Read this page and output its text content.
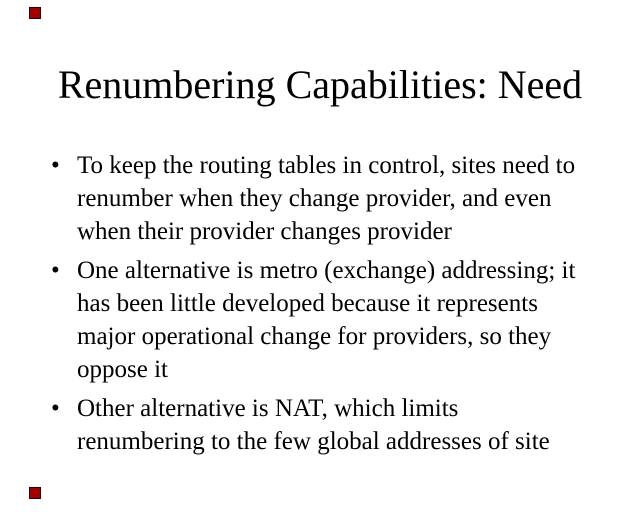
Renumbering Capabilities: Need
• To keep the routing tables in control, sites need to renumber when they change provider, and even when their provider changes provider
• One alternative is metro (exchange) addressing; it has been little developed because it represents major operational change for providers, so they oppose it
• Other alternative is NAT, which limits renumbering to the few global addresses of site
